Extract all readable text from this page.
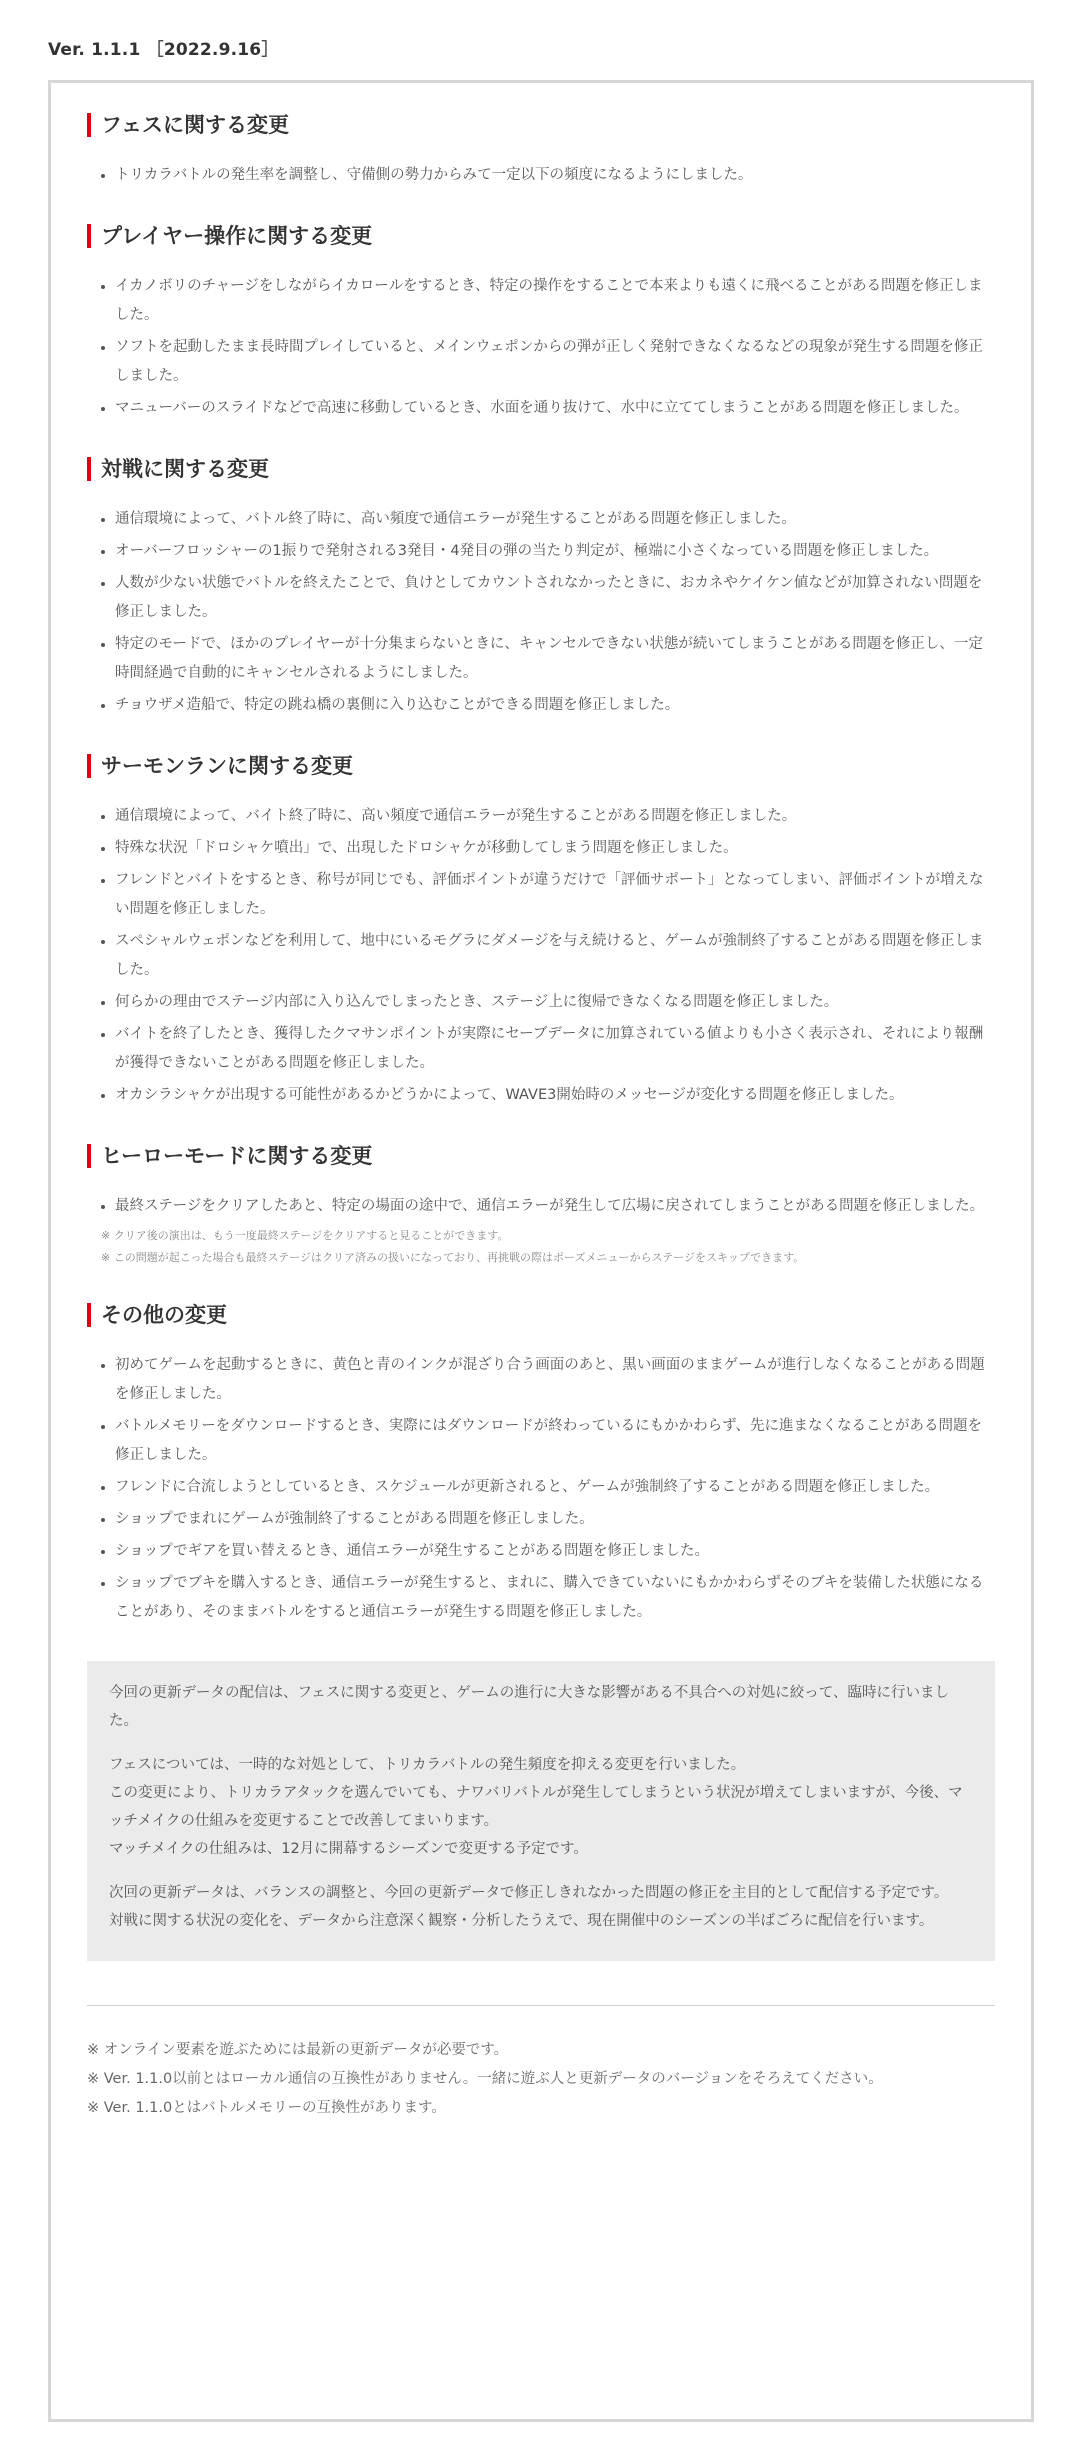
Ver. 1.1.1 ［2022.9.16］
フェスに関する変更
トリカラバトルの発生率を調整し、守備側の勢力からみて一定以下の頻度になるようにしました。
プレイヤー操作に関する変更
イカノボリのチャージをしながらイカロールをするとき、特定の操作をすることで本来よりも遠くに飛べることがある問題を修正しました。
ソフトを起動したまま長時間プレイしていると、メインウェポンからの弾が正しく発射できなくなるなどの現象が発生する問題を修正しました。
マニューバーのスライドなどで高速に移動しているとき、水面を通り抜けて、水中に立ててしまうことがある問題を修正しました。
対戦に関する変更
通信環境によって、バトル終了時に、高い頻度で通信エラーが発生することがある問題を修正しました。
オーバーフロッシャーの1振りで発射される3発目・4発目の弾の当たり判定が、極端に小さくなっている問題を修正しました。
人数が少ない状態でバトルを終えたことで、負けとしてカウントされなかったときに、おカネやケイケン値などが加算されない問題を修正しました。
特定のモードで、ほかのプレイヤーが十分集まらないときに、キャンセルできない状態が続いてしまうことがある問題を修正し、一定時間経過で自動的にキャンセルされるようにしました。
チョウザメ造船で、特定の跳ね橋の裏側に入り込むことができる問題を修正しました。
サーモンランに関する変更
通信環境によって、バイト終了時に、高い頻度で通信エラーが発生することがある問題を修正しました。
特殊な状況「ドロシャケ噴出」で、出現したドロシャケが移動してしまう問題を修正しました。
フレンドとバイトをするとき、称号が同じでも、評価ポイントが違うだけで「評価サポート」となってしまい、評価ポイントが増えない問題を修正しました。
スペシャルウェポンなどを利用して、地中にいるモグラにダメージを与え続けると、ゲームが強制終了することがある問題を修正しました。
何らかの理由でステージ内部に入り込んでしまったとき、ステージ上に復帰できなくなる問題を修正しました。
バイトを終了したとき、獲得したクマサンポイントが実際にセーブデータに加算されている値よりも小さく表示され、それにより報酬が獲得できないことがある問題を修正しました。
オカシラシャケが出現する可能性があるかどうかによって、WAVE3開始時のメッセージが変化する問題を修正しました。
ヒーローモードに関する変更
最終ステージをクリアしたあと、特定の場面の途中で、通信エラーが発生して広場に戻されてしまうことがある問題を修正しました。
※ クリア後の演出は、もう一度最終ステージをクリアすると見ることができます。
※ この問題が起こった場合も最終ステージはクリア済みの扱いになっており、再挑戦の際はポーズメニューからステージをスキップできます。
その他の変更
初めてゲームを起動するときに、黄色と青のインクが混ざり合う画面のあと、黒い画面のままゲームが進行しなくなることがある問題を修正しました。
バトルメモリーをダウンロードするとき、実際にはダウンロードが終わっているにもかかわらず、先に進まなくなることがある問題を修正しました。
フレンドに合流しようとしているとき、スケジュールが更新されると、ゲームが強制終了することがある問題を修正しました。
ショップでまれにゲームが強制終了することがある問題を修正しました。
ショップでギアを買い替えるとき、通信エラーが発生することがある問題を修正しました。
ショップでブキを購入するとき、通信エラーが発生すると、まれに、購入できていないにもかかわらずそのブキを装備した状態になることがあり、そのままバトルをすると通信エラーが発生する問題を修正しました。

今回の更新データの配信は、フェスに関する変更と、ゲームの進行に大きな影響がある不具合への対処に絞って、臨時に行いました。

フェスについては、一時的な対処として、トリカラバトルの発生頻度を抑える変更を行いました。
この変更により、トリカラアタックを選んでいても、ナワバリバトルが発生してしまうという状況が増えてしまいますが、今後、マッチメイクの仕組みを変更することで改善してまいります。
マッチメイクの仕組みは、12月に開幕するシーズンで変更する予定です。

次回の更新データは、バランスの調整と、今回の更新データで修正しきれなかった問題の修正を主目的として配信する予定です。
対戦に関する状況の変化を、データから注意深く観察・分析したうえで、現在開催中のシーズンの半ばごろに配信を行います。

※ オンライン要素を遊ぶためには最新の更新データが必要です。
※ Ver. 1.1.0以前とはローカル通信の互換性がありません。一緒に遊ぶ人と更新データのバージョンをそろえてください。
※ Ver. 1.1.0とはバトルメモリーの互換性があります。
